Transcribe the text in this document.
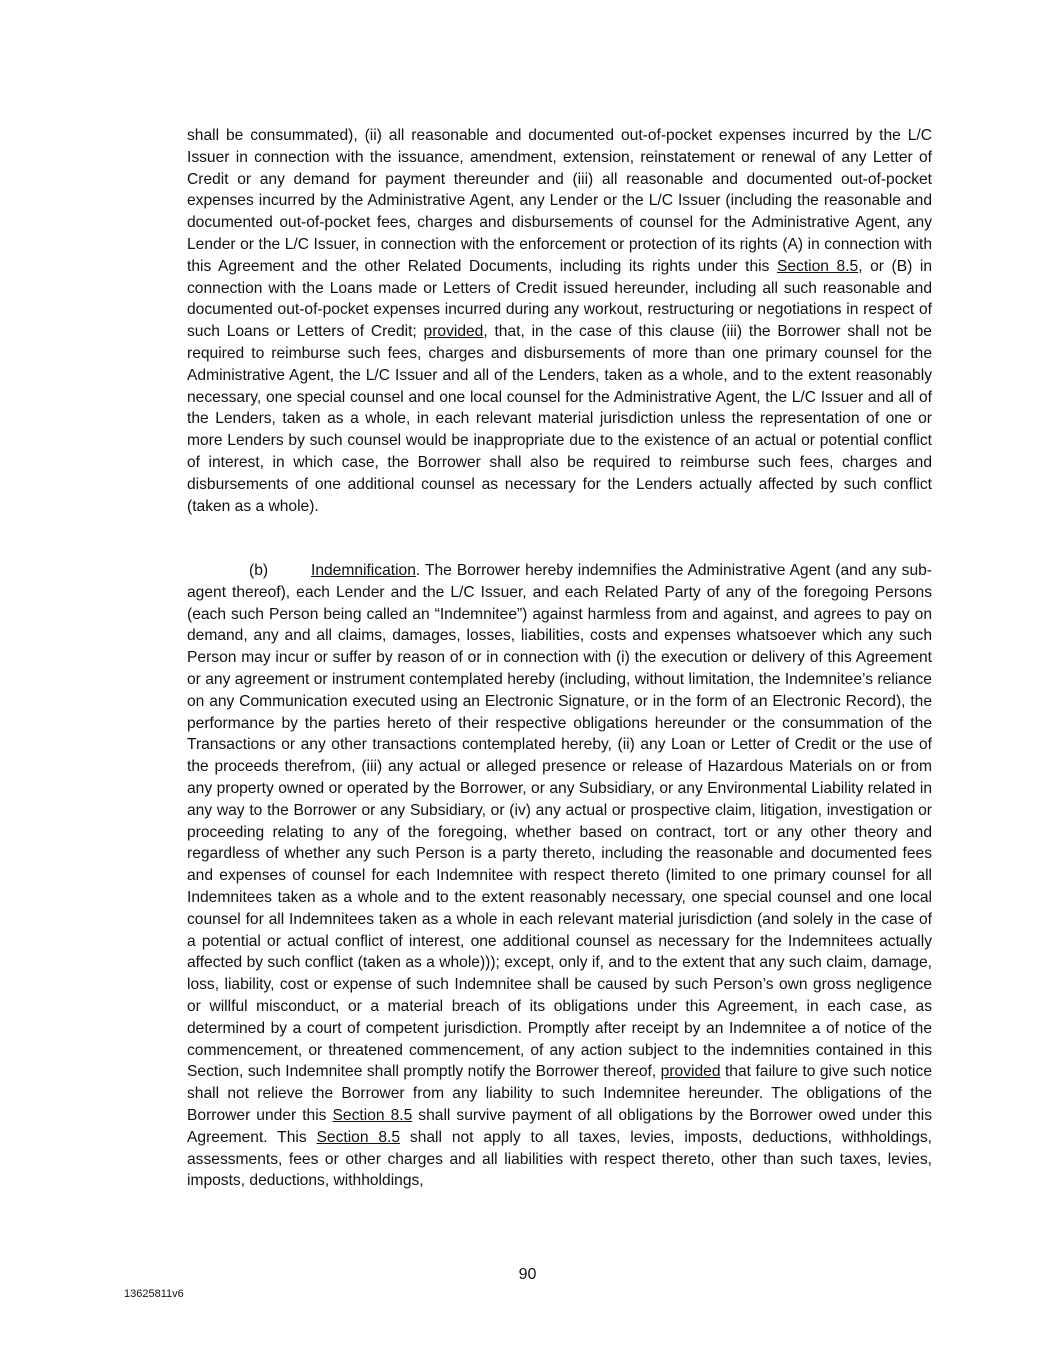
shall be consummated), (ii) all reasonable and documented out-of-pocket expenses incurred by the L/C Issuer in connection with the issuance, amendment, extension, reinstatement or renewal of any Letter of Credit or any demand for payment thereunder and (iii) all reasonable and documented out-of-pocket expenses incurred by the Administrative Agent, any Lender or the L/C Issuer (including the reasonable and documented out-of-pocket fees, charges and disbursements of counsel for the Administrative Agent, any Lender or the L/C Issuer, in connection with the enforcement or protection of its rights (A) in connection with this Agreement and the other Related Documents, including its rights under this Section 8.5, or (B) in connection with the Loans made or Letters of Credit issued hereunder, including all such reasonable and documented out-of-pocket expenses incurred during any workout, restructuring or negotiations in respect of such Loans or Letters of Credit; provided, that, in the case of this clause (iii) the Borrower shall not be required to reimburse such fees, charges and disbursements of more than one primary counsel for the Administrative Agent, the L/C Issuer and all of the Lenders, taken as a whole, and to the extent reasonably necessary, one special counsel and one local counsel for the Administrative Agent, the L/C Issuer and all of the Lenders, taken as a whole, in each relevant material jurisdiction unless the representation of one or more Lenders by such counsel would be inappropriate due to the existence of an actual or potential conflict of interest, in which case, the Borrower shall also be required to reimburse such fees, charges and disbursements of one additional counsel as necessary for the Lenders actually affected by such conflict (taken as a whole).

(b)	Indemnification. The Borrower hereby indemnifies the Administrative Agent (and any sub-agent thereof), each Lender and the L/C Issuer, and each Related Party of any of the foregoing Persons (each such Person being called an “Indemnitee”) against harmless from and against, and agrees to pay on demand, any and all claims, damages, losses, liabilities, costs and expenses whatsoever which any such Person may incur or suffer by reason of or in connection with (i) the execution or delivery of this Agreement or any agreement or instrument contemplated hereby (including, without limitation, the Indemnitee’s reliance on any Communication executed using an Electronic Signature, or in the form of an Electronic Record), the performance by the parties hereto of their respective obligations hereunder or the consummation of the Transactions or any other transactions contemplated hereby, (ii) any Loan or Letter of Credit or the use of the proceeds therefrom, (iii) any actual or alleged presence or release of Hazardous Materials on or from any property owned or operated by the Borrower, or any Subsidiary, or any Environmental Liability related in any way to the Borrower or any Subsidiary, or (iv) any actual or prospective claim, litigation, investigation or proceeding relating to any of the foregoing, whether based on contract, tort or any other theory and regardless of whether any such Person is a party thereto, including the reasonable and documented fees and expenses of counsel for each Indemnitee with respect thereto (limited to one primary counsel for all Indemnitees taken as a whole and to the extent reasonably necessary, one special counsel and one local counsel for all Indemnitees taken as a whole in each relevant material jurisdiction (and solely in the case of a potential or actual conflict of interest, one additional counsel as necessary for the Indemnitees actually affected by such conflict (taken as a whole))); except, only if, and to the extent that any such claim, damage, loss, liability, cost or expense of such Indemnitee shall be caused by such Person’s own gross negligence or willful misconduct, or a material breach of its obligations under this Agreement, in each case, as determined by a court of competent jurisdiction. Promptly after receipt by an Indemnitee a of notice of the commencement, or threatened commencement, of any action subject to the indemnities contained in this Section, such Indemnitee shall promptly notify the Borrower thereof, provided that failure to give such notice shall not relieve the Borrower from any liability to such Indemnitee hereunder. The obligations of the Borrower under this Section 8.5 shall survive payment of all obligations by the Borrower owed under this Agreement. This Section 8.5 shall not apply to all taxes, levies, imposts, deductions, withholdings, assessments, fees or other charges and all liabilities with respect thereto, other than such taxes, levies, imposts, deductions, withholdings,

90
13625811v6
